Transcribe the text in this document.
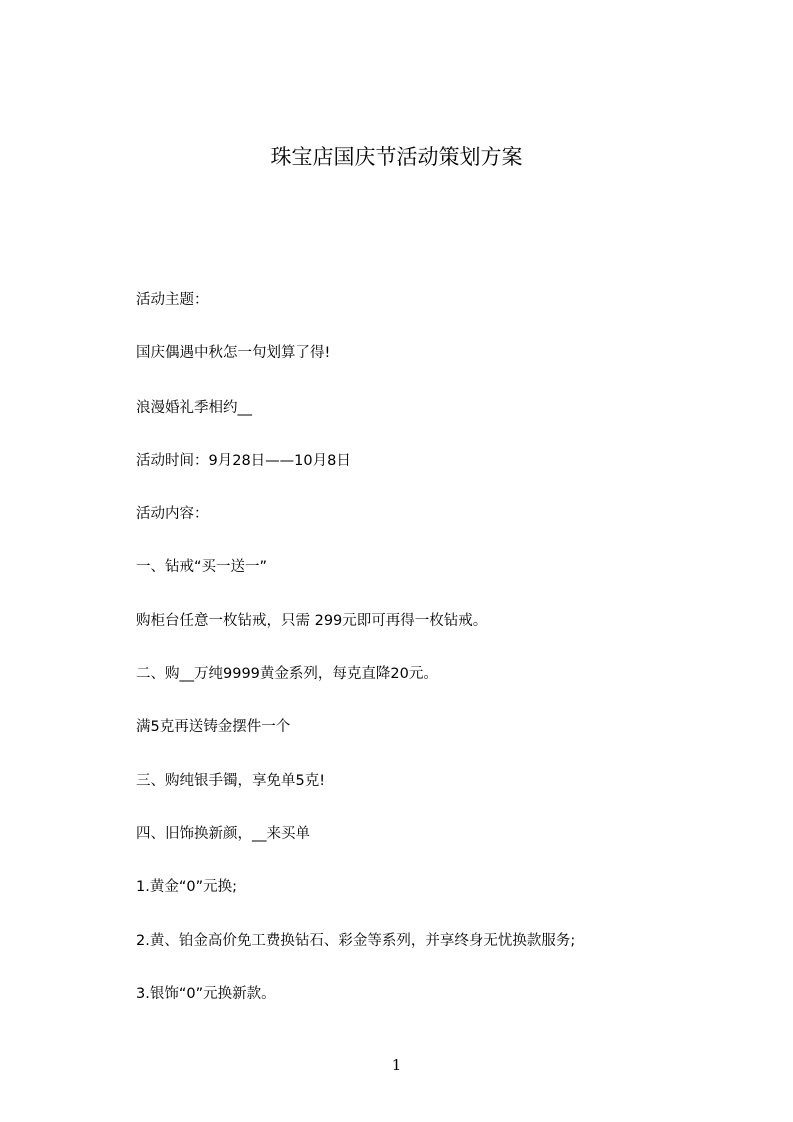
珠宝店国庆节活动策划方案
活动主题：
国庆偶遇中秋怎一句划算了得!
浪漫婚礼季相约__
活动时间：9月28日——10月8日
活动内容：
一、钻戒“买一送一”
购柜台任意一枚钻戒，只需 299元即可再得一枚钻戒。
二、购__万纯9999黄金系列，每克直降20元。
满5克再送铸金摆件一个
三、购纯银手镯，享免单5克!
四、旧饰换新颜，__来买单
1.黄金“0”元换;
2.黄、铂金高价免工费换钻石、彩金等系列，并享终身无忧换款服务;
3.银饰“0”元换新款。
1
